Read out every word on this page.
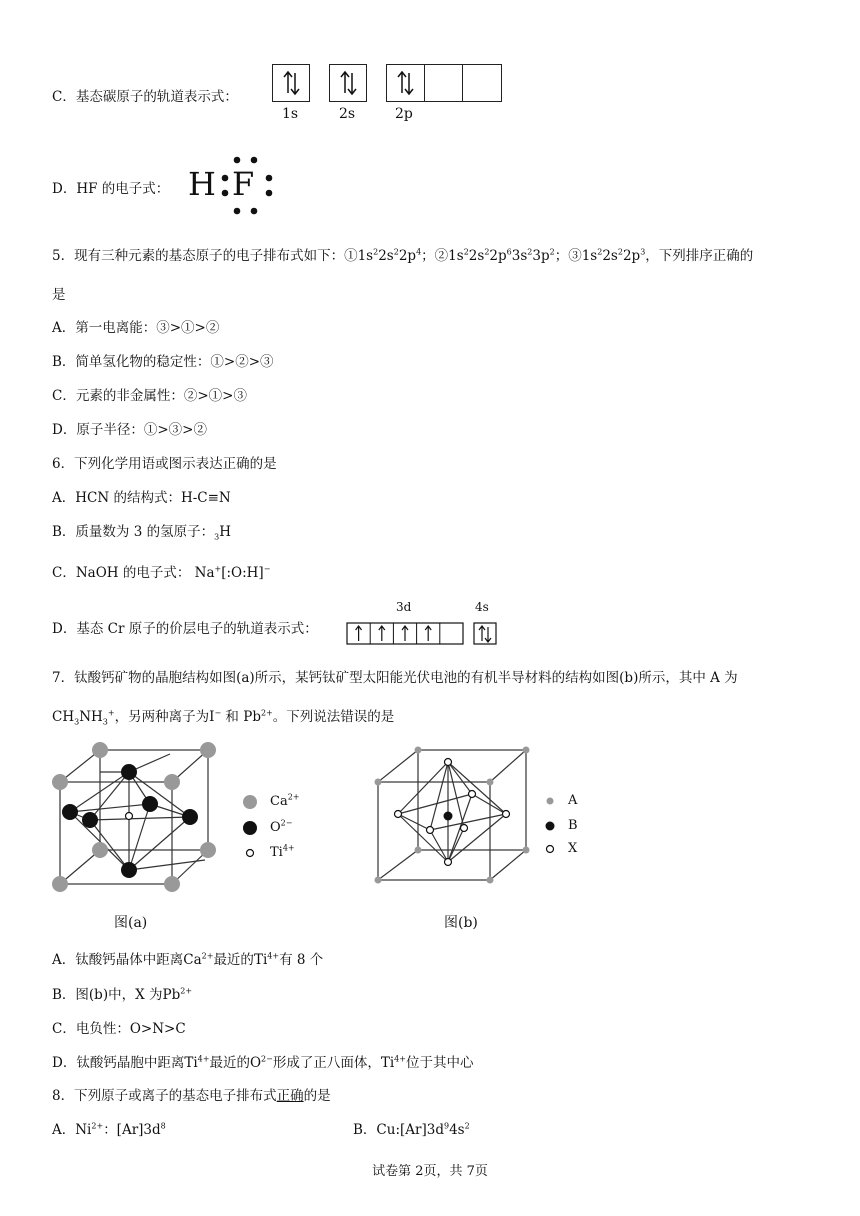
C．基态碳原子的轨道表示式：
1s	2s	2p
D．HF 的电子式： H F
5．现有三种元素的基态原子的电子排布式如下：$①1s^22s^22p^4$；$②1s^22s^22p^63s^23p^2$；$③1s^22s^22p^3$，下列排序正确的
是
A．第一电离能：③>①>②
B．简单氢化物的稳定性：①>②>③
C．元素的非金属性：②>①>③
D．原子半径：①>③>②
6．下列化学用语或图示表达正确的是
A．HCN 的结构式：H-C≡N
B．质量数为 3 的氢原子：$_3$H
C．NaOH 的电子式： Na+[:O:H]−
D．基态 Cr 原子的价层电子的轨道表示式：
3d	4s
7．钛酸钙矿物的晶胞结构如图(a)所示，某钙钛矿型太阳能光伏电池的有机半导材料的结构如图(b)所示，其中 A 为
$CH_3NH_3^+$，另两种离子为I− 和 $Pb^{2+}$。下列说法错误的是
$Ca^{2+}$
$O^{2-}$
$Ti^{4+}$
图(a)
A
B
X
图(b)
A．钛酸钙晶体中距离$Ca^{2+}$最近的$Ti^{4+}$有 8 个
B．图(b)中，X 为$Pb^{2+}$
C．电负性：O>N>C
D．钛酸钙晶胞中距离$Ti^{4+}$最近的$O^{2-}$形成了正八面体，$Ti^{4+}$位于其中心
8．下列原子或离子的基态电子排布式正确的是
A．$Ni^{2+}$：$[Ar]3d^8$	B．$Cu:[Ar]3d^94s^2$
试卷第 2页，共 7页
